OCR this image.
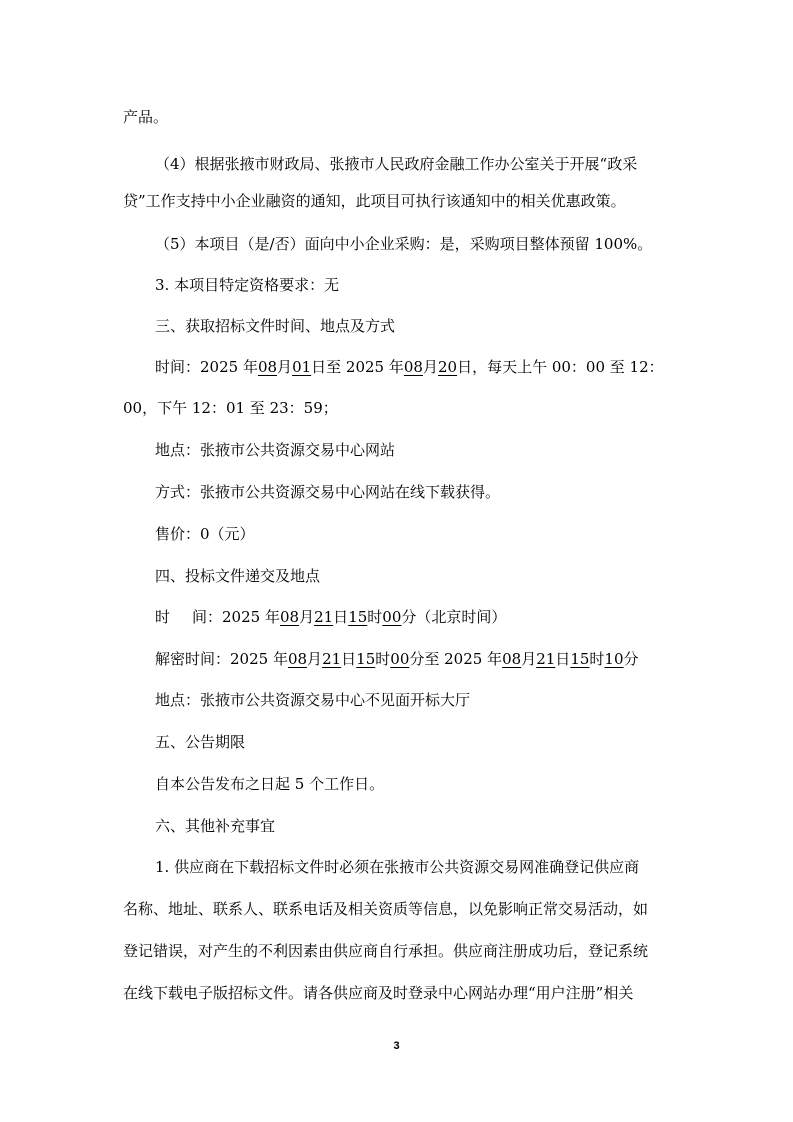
产品。
（4）根据张掖市财政局、张掖市人民政府金融工作办公室关于开展“政采
贷”工作支持中小企业融资的通知，此项目可执行该通知中的相关优惠政策。
（5）本项目（是/否）面向中小企业采购：是，采购项目整体预留 100%。
3. 本项目特定资格要求：无
三、获取招标文件时间、地点及方式
时间：2025 年08月01日至 2025 年08月20日，每天上午 00：00 至 12：
00，下午 12：01 至 23：59；
地点：张掖市公共资源交易中心网站
方式：张掖市公共资源交易中心网站在线下载获得。
售价：0（元）
四、投标文件递交及地点
时 间：2025 年08月21日15时00分（北京时间）
解密时间：2025 年08月21日15时00分至 2025 年08月21日15时10分
地点：张掖市公共资源交易中心不见面开标大厅
五、公告期限
自本公告发布之日起 5 个工作日。
六、其他补充事宜
1. 供应商在下载招标文件时必须在张掖市公共资源交易网准确登记供应商
名称、地址、联系人、联系电话及相关资质等信息，以免影响正常交易活动，如
登记错误，对产生的不利因素由供应商自行承担。供应商注册成功后，登记系统
在线下载电子版招标文件。请各供应商及时登录中心网站办理“用户注册”相关
3
